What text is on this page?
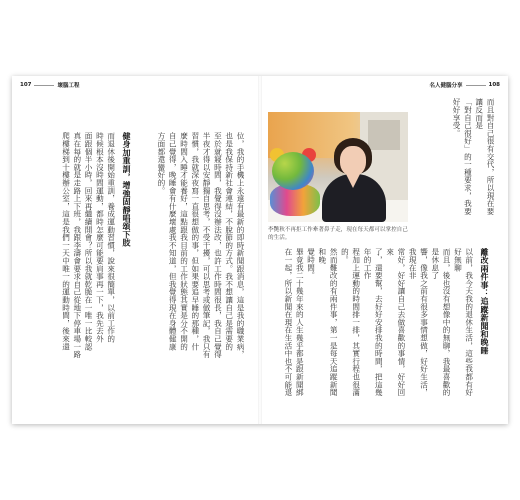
107	壞腦工程

位，我的手機上永遠有最新的即時新聞跟消息，這是我的職業病，

也是我保持新社會連結，不脫節的方式。我不想讓自己是需要的

至於就寢時間，我覺得沒辦法改，也許工作時間很長，我自己覺得

半夜才得以安靜獨自思考，不受干擾，可以思考或做筆記，我只有

習慣，我就深夜寫一直很想做的事，但如果要追早睡的那種，什

麼時間入睡才能養好，這點跟我目前的工作狀態其實是分不開的

自己覺得，晚睡會有什麼壞處我不知道，但我覺得現在身體健康

方面都還蠻好的。

健身加重訓，增強固靜唱頌下肢

而退休後開始重訓，養成運動習慣，說來很簡單，以前工作的

時候根本沒時間運動，都時怎麼可能要肩事再一下，我先去外

面跟個半小時，回來再繼續開會？所以我就乾脆在一唯一比較認

真在每的就是走路上下班，我跟李濤會要求自己從地下停車場一路

爬樓梯到十樓辦公室，這是我們一天中唯一的運動時間，後來還

名人健腦分享	108
李艷秋不再拒工作牽著鼻子走，現在每天都可以掌控自己的生活。

而且對自己很有交代，所以現在要讓反而是

「對自己很好」的一種要求，我要好好享受。

離改兩件事：追蹤新聞和晚睡

以前，我今天我的退休生活，這些我都有好好無聊

而且，後也沒有想像中的無聊，我最喜歡的是休息了

響，像我之前有很多事情想做，好好生活，我現在非

常好，好好讓自己去做喜歡的事情，好好回來

了，還要幫，去好好安排我的時間，把這幾年的工作

程加上運動的時間排一排，其實行程也很滿

的。

然而難改的有兩件事，第一是每天追蹤新聞和晚

覺時間。

畢竟我二十幾年來的人生幾乎都是跟新聞綁

在一起，所以新聞在現在生活中也不可能退
